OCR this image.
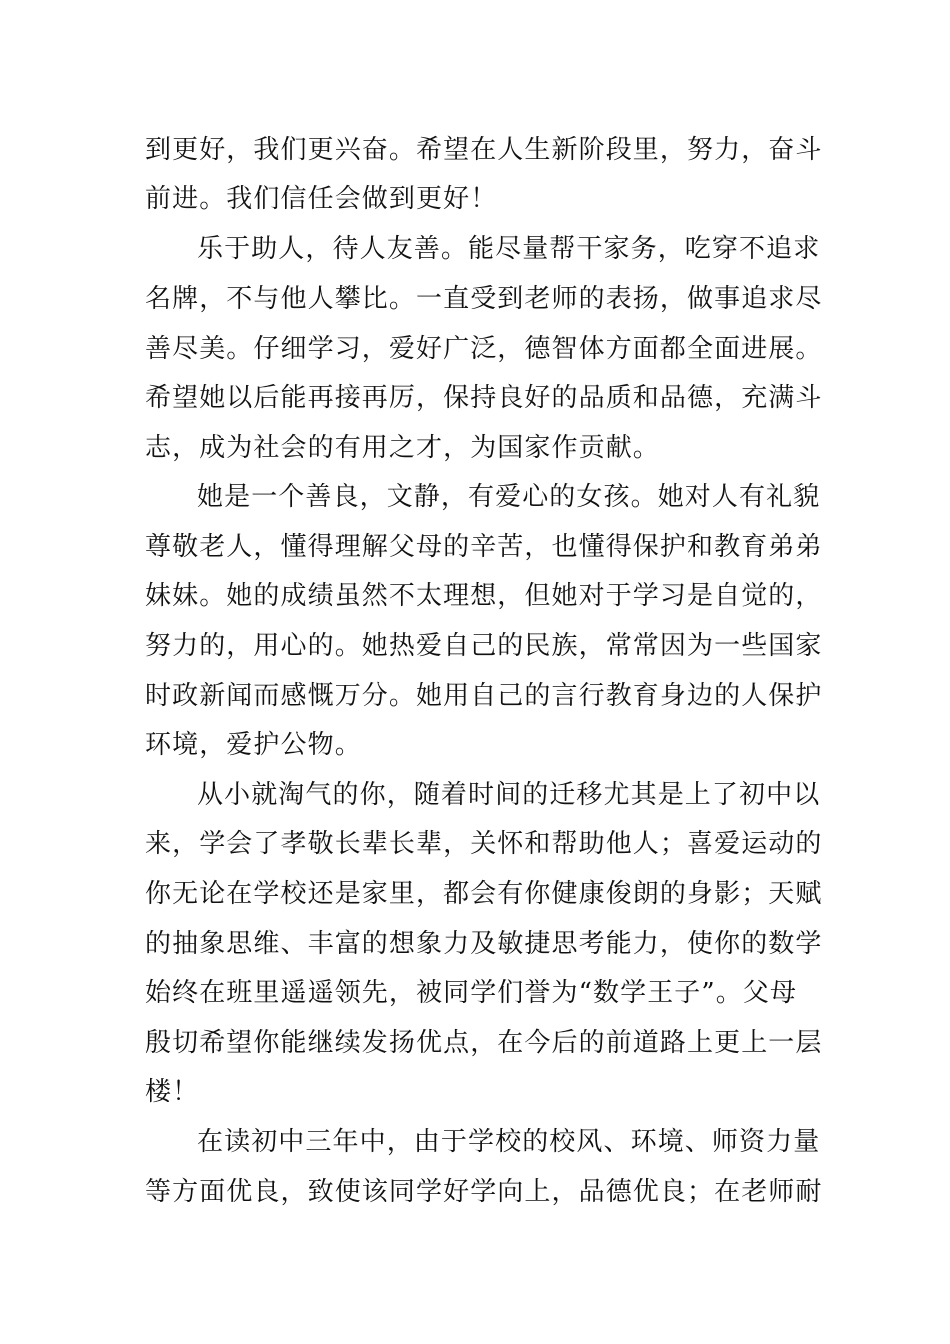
到更好，我们更兴奋。希望在人生新阶段里，努力，奋斗
前进。我们信任会做到更好！
乐于助人，待人友善。能尽量帮干家务，吃穿不追求
名牌，不与他人攀比。一直受到老师的表扬，做事追求尽
善尽美。仔细学习，爱好广泛，德智体方面都全面进展。
希望她以后能再接再厉，保持良好的品质和品德，充满斗
志，成为社会的有用之才，为国家作贡献。
她是一个善良，文静，有爱心的女孩。她对人有礼貌
尊敬老人，懂得理解父母的辛苦，也懂得保护和教育弟弟
妹妹。她的成绩虽然不太理想，但她对于学习是自觉的，
努力的，用心的。她热爱自己的民族，常常因为一些国家
时政新闻而感慨万分。她用自己的言行教育身边的人保护
环境，爱护公物。
从小就淘气的你，随着时间的迁移尤其是上了初中以
来，学会了孝敬长辈长辈，关怀和帮助他人；喜爱运动的
你无论在学校还是家里，都会有你健康俊朗的身影；天赋
的抽象思维、丰富的想象力及敏捷思考能力，使你的数学
始终在班里遥遥领先，被同学们誉为“数学王子”。父母
殷切希望你能继续发扬优点，在今后的前道路上更上一层
楼！
在读初中三年中，由于学校的校风、环境、师资力量
等方面优良，致使该同学好学向上，品德优良；在老师耐
